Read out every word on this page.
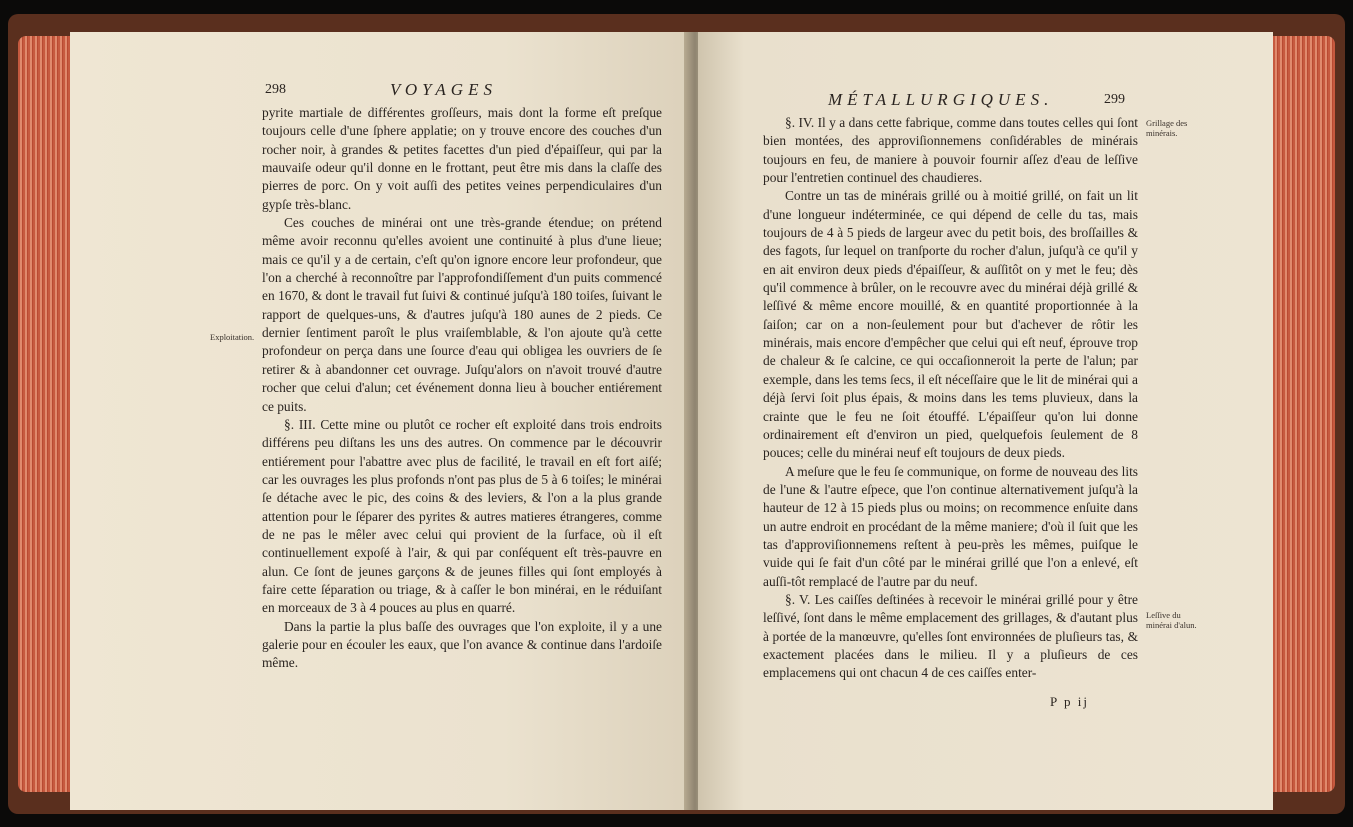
298	VOYAGES
Exploitation.

pyrite martiale de différentes groſſeurs, mais dont la forme eſt preſque toujours celle d'une ſphere applatie; on y trouve encore des couches d'un rocher noir, à grandes & petites facettes d'un pied d'épaiſſeur, qui par la mauvaiſe odeur qu'il donne en le frottant, peut être mis dans la claſſe des pierres de porc. On y voit auſſi des petites veines perpendiculaires d'un gypſe très-blanc.

Ces couches de minérai ont une très-grande étendue; on prétend même avoir reconnu qu'elles avoient une continuité à plus d'une lieue; mais ce qu'il y a de certain, c'eſt qu'on ignore encore leur profondeur, que l'on a cherché à reconnoître par l'approfondiſſement d'un puits commencé en 1670, & dont le travail fut ſuivi & continué juſqu'à 180 toiſes, ſuivant le rapport de quelques-uns, & d'autres juſqu'à 180 aunes de 2 pieds. Ce dernier ſentiment paroît le plus vraiſemblable, & l'on ajoute qu'à cette profondeur on perça dans une ſource d'eau qui obligea les ouvriers de ſe retirer & à abandonner cet ouvrage. Juſqu'alors on n'avoit trouvé d'autre rocher que celui d'alun; cet événement donna lieu à boucher entiérement ce puits.

§. III. Cette mine ou plutôt ce rocher eſt exploité dans trois endroits différens peu diſtans les uns des autres. On commence par le découvrir entiérement pour l'abattre avec plus de facilité, le travail en eſt fort aiſé; car les ouvrages les plus profonds n'ont pas plus de 5 à 6 toiſes; le minérai ſe détache avec le pic, des coins & des leviers, & l'on a la plus grande attention pour le ſéparer des pyrites & autres matieres étrangeres, comme de ne pas le mêler avec celui qui provient de la ſurface, où il eſt continuellement expoſé à l'air, & qui par conſéquent eſt très-pauvre en alun. Ce ſont de jeunes garçons & de jeunes filles qui ſont employés à faire cette ſéparation ou triage, & à caſſer le bon minérai, en le réduiſant en morceaux de 3 à 4 pouces au plus en quarré.

Dans la partie la plus baſſe des ouvrages que l'on exploite, il y a une galerie pour en écouler les eaux, que l'on avance & continue dans l'ardoiſe même.

MÉTALLURGIQUES.	299
Grillage des minérais.
Leſſive du minérai d'alun.

§. IV. Il y a dans cette fabrique, comme dans toutes celles qui ſont bien montées, des approviſionnemens conſidérables de minérais toujours en feu, de maniere à pouvoir fournir aſſez d'eau de leſſive pour l'entretien continuel des chaudieres.

Contre un tas de minérais grillé ou à moitié grillé, on fait un lit d'une longueur indéterminée, ce qui dépend de celle du tas, mais toujours de 4 à 5 pieds de largeur avec du petit bois, des broſſailles & des fagots, ſur lequel on tranſporte du rocher d'alun, juſqu'à ce qu'il y en ait environ deux pieds d'épaiſſeur, & auſſitôt on y met le feu; dès qu'il commence à brûler, on le recouvre avec du minérai déjà grillé & leſſivé & même encore mouillé, & en quantité proportionnée à la ſaiſon; car on a non-ſeulement pour but d'achever de rôtir les minérais, mais encore d'empêcher que celui qui eſt neuf, éprouve trop de chaleur & ſe calcine, ce qui occaſionneroit la perte de l'alun; par exemple, dans les tems ſecs, il eſt néceſſaire que le lit de minérai qui a déjà ſervi ſoit plus épais, & moins dans les tems pluvieux, dans la crainte que le feu ne ſoit étouffé. L'épaiſſeur qu'on lui donne ordinairement eſt d'environ un pied, quelquefois ſeulement de 8 pouces; celle du minérai neuf eſt toujours de deux pieds.

A meſure que le feu ſe communique, on forme de nouveau des lits de l'une & l'autre eſpece, que l'on continue alternativement juſqu'à la hauteur de 12 à 15 pieds plus ou moins; on recommence enſuite dans un autre endroit en procédant de la même maniere; d'où il ſuit que les tas d'approviſionnemens reſtent à peu-près les mêmes, puiſque le vuide qui ſe fait d'un côté par le minérai grillé que l'on a enlevé, eſt auſſi-tôt remplacé de l'autre par du neuf.

§. V. Les caiſſes deſtinées à recevoir le minérai grillé pour y être leſſivé, ſont dans le même emplacement des grillages, & d'autant plus à portée de la manœuvre, qu'elles ſont environnées de pluſieurs tas, & exactement placées dans le milieu. Il y a pluſieurs de ces emplacemens qui ont chacun 4 de ces caiſſes enter-

P p ij
